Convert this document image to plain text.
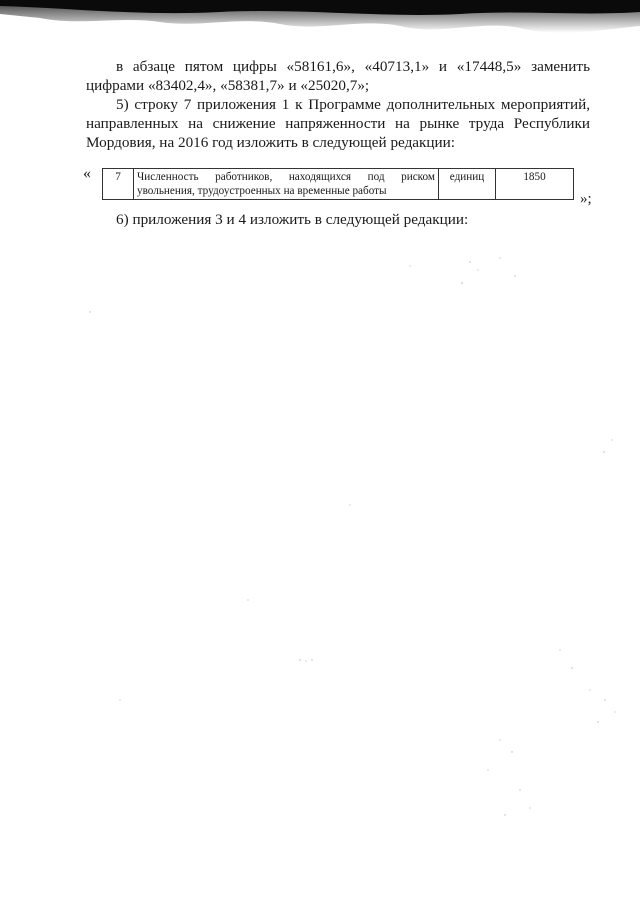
в абзаце пятом цифры «58161,6», «40713,1» и «17448,5» заменить цифрами «83402,4», «58381,7» и «25020,7»;

5) строку 7 приложения 1 к Программе дополнительных мероприятий, направленных на снижение напряженности на рынке труда Республики Мордовия, на 2016 год изложить в следующей редакции:

« 7	Численность работников, находящихся под риском увольнения, трудоустроенных на временные работы	единиц	1850
»;

6) приложения 3 и 4 изложить в следующей редакции:
